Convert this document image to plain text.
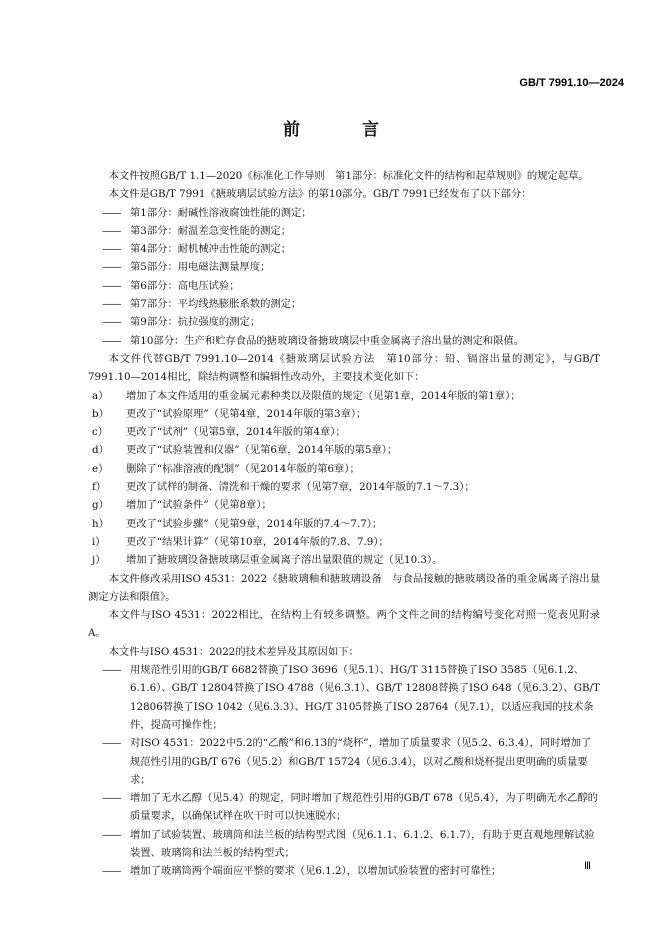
GB/T 7991.10—2024
前 言

本文件按照GB/T 1.1—2020《标准化工作导则　第1部分：标准化文件的结构和起草规则》的规定起草。

本文件是GB/T 7991《搪玻璃层试验方法》的第10部分。GB/T 7991已经发布了以下部分：

—— 第1部分：耐碱性溶液腐蚀性能的测定；

—— 第3部分：耐温差急变性能的测定；

—— 第4部分：耐机械冲击性能的测定；

—— 第5部分：用电磁法测量厚度；

—— 第6部分：高电压试验；

—— 第7部分：平均线热膨胀系数的测定；

—— 第9部分：抗拉强度的测定；

—— 第10部分：生产和贮存食品的搪玻璃设备搪玻璃层中重金属离子溶出量的测定和限值。

本文件代替GB/T 7991.10—2014《搪玻璃层试验方法　第10部分：铅、镉溶出量的测定》，与GB/T 7991.10—2014相比，除结构调整和编辑性改动外，主要技术变化如下：

a）	增加了本文件适用的重金属元素种类以及限值的规定（见第1章，2014年版的第1章）；

b）	更改了“试验原理”（见第4章，2014年版的第3章）；

c）	更改了“试剂”（见第5章，2014年版的第4章）；

d）	更改了“试验装置和仪器”（见第6章，2014年版的第5章）；

e）	删除了“标准溶液的配制”（见2014年版的第6章）；

f）	更改了试样的制备、清洗和干燥的要求（见第7章，2014年版的7.1～7.3）；

g）	增加了“试验条件”（见第8章）；

h）	更改了“试验步骤”（见第9章，2014年版的7.4～7.7）；

i）	更改了“结果计算”（见第10章，2014年版的7.8、7.9）；

j）	增加了搪玻璃设备搪玻璃层重金属离子溶出量限值的规定（见10.3）。

本文件修改采用ISO 4531：2022《搪玻璃釉和搪玻璃设备　与食品接触的搪玻璃设备的重金属离子溶出量　测定方法和限值》。

本文件与ISO 4531：2022相比，在结构上有较多调整。两个文件之间的结构编号变化对照一览表见附录A。

本文件与ISO 4531：2022的技术差异及其原因如下：

—— 用规范性引用的GB/T 6682替换了ISO 3696（见5.1）、HG/T 3115替换了ISO 3585（见6.1.2、6.1.6）、GB/T 12804替换了ISO 4788（见6.3.1）、GB/T 12808替换了ISO 648（见6.3.2）、GB/T 12806替换了ISO 1042（见6.3.3）、HG/T 3105替换了ISO 28764（见7.1），以适应我国的技术条件，提高可操作性；

—— 对ISO 4531：2022中5.2的“乙酸”和6.13的“烧杯”，增加了质量要求（见5.2、6.3.4），同时增加了规范性引用的GB/T 676（见5.2）和GB/T 15724（见6.3.4），以对乙酸和烧杯提出更明确的质量要求；

—— 增加了无水乙醇（见5.4）的规定，同时增加了规范性引用的GB/T 678（见5.4），为了明确无水乙醇的质量要求，以确保试样在吹干时可以快速脱水；

—— 增加了试验装置、玻璃筒和法兰板的结构型式图（见6.1.1、6.1.2、6.1.7），有助于更直观地理解试验装置、玻璃筒和法兰板的结构型式；

—— 增加了玻璃筒两个端面应平整的要求（见6.1.2），以增加试验装置的密封可靠性；	Ⅲ
